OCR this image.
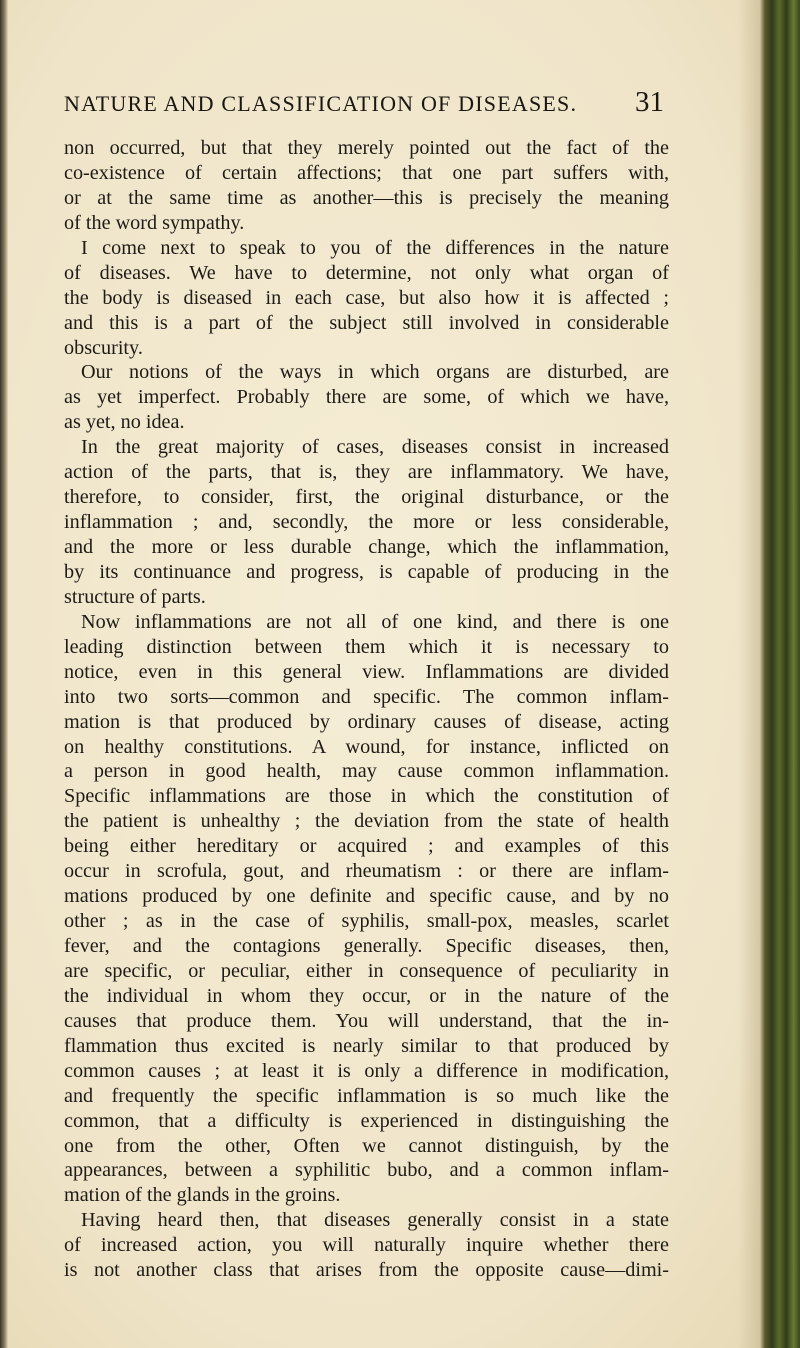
NATURE AND CLASSIFICATION OF DISEASES. 31
non occurred, but that they merely pointed out the fact of the
co-existence of certain affections; that one part suffers with,
or at the same time as another—this is precisely the meaning
of the word sympathy.
I come next to speak to you of the differences in the nature
of diseases. We have to determine, not only what organ of
the body is diseased in each case, but also how it is affected ;
and this is a part of the subject still involved in considerable
obscurity.
Our notions of the ways in which organs are disturbed, are
as yet imperfect. Probably there are some, of which we have,
as yet, no idea.
In the great majority of cases, diseases consist in increased
action of the parts, that is, they are inflammatory. We have,
therefore, to consider, first, the original disturbance, or the
inflammation ; and, secondly, the more or less considerable,
and the more or less durable change, which the inflammation,
by its continuance and progress, is capable of producing in the
structure of parts.
Now inflammations are not all of one kind, and there is one
leading distinction between them which it is necessary to
notice, even in this general view. Inflammations are divided
into two sorts—common and specific. The common inflam-
mation is that produced by ordinary causes of disease, acting
on healthy constitutions. A wound, for instance, inflicted on
a person in good health, may cause common inflammation.
Specific inflammations are those in which the constitution of
the patient is unhealthy ; the deviation from the state of health
being either hereditary or acquired ; and examples of this
occur in scrofula, gout, and rheumatism : or there are inflam-
mations produced by one definite and specific cause, and by no
other ; as in the case of syphilis, small-pox, measles, scarlet
fever, and the contagions generally. Specific diseases, then,
are specific, or peculiar, either in consequence of peculiarity in
the individual in whom they occur, or in the nature of the
causes that produce them. You will understand, that the in-
flammation thus excited is nearly similar to that produced by
common causes ; at least it is only a difference in modification,
and frequently the specific inflammation is so much like the
common, that a difficulty is experienced in distinguishing the
one from the other, Often we cannot distinguish, by the
appearances, between a syphilitic bubo, and a common inflam-
mation of the glands in the groins.
Having heard then, that diseases generally consist in a state
of increased action, you will naturally inquire whether there
is not another class that arises from the opposite cause—dimi-
